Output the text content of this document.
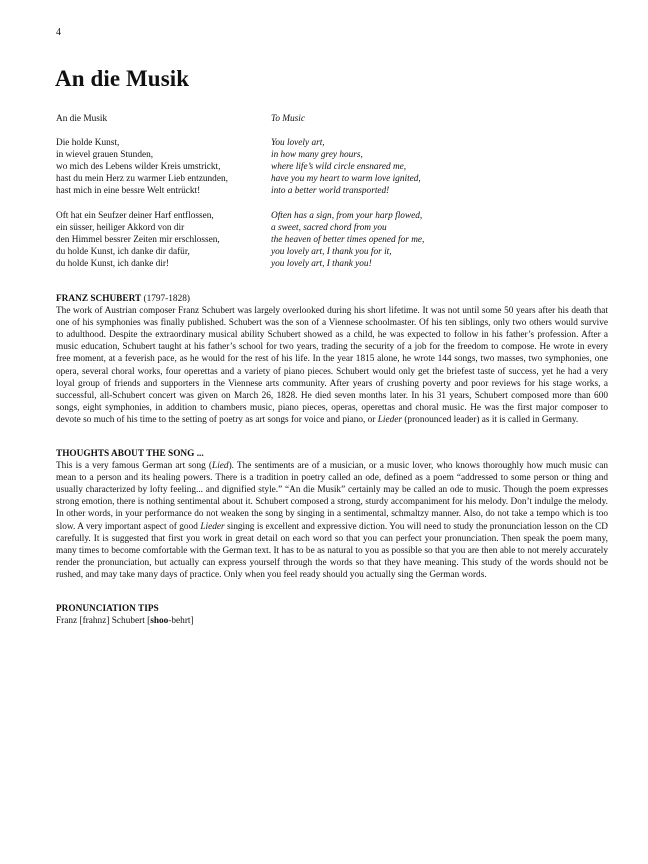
4
An die Musik
An die Musik
Die holde Kunst,
in wievel grauen Stunden,
wo mich des Lebens wilder Kreis umstrickt,
hast du mein Herz zu warmer Lieb entzunden,
hast mich in eine bessre Welt entrückt!
Oft hat ein Seufzer deiner Harf entflossen,
ein süsser, heiliger Akkord von dir
den Himmel bessrer Zeiten mir erschlossen,
du holde Kunst, ich danke dir dafür,
du holde Kunst, ich danke dir!
To Music
You lovely art,
in how many grey hours,
where life’s wild circle ensnared me,
have you my heart to warm love ignited,
into a better world transported!
Often has a sign, from your harp flowed,
a sweet, sacred chord from you
the heaven of better times opened for me,
you lovely art, I thank you for it,
you lovely art, I thank you!
FRANZ SCHUBERT (1797-1828)

The work of Austrian composer Franz Schubert was largely overlooked during his short lifetime. It was not until some 50 years after his death that one of his symphonies was finally published. Schubert was the son of a Viennese schoolmaster. Of his ten siblings, only two others would survive to adulthood. Despite the extraordinary musical ability Schubert showed as a child, he was expected to follow in his father’s profession. After a music education, Schubert taught at his father’s school for two years, trading the security of a job for the freedom to compose. He wrote in every free moment, at a feverish pace, as he would for the rest of his life. In the year 1815 alone, he wrote 144 songs, two masses, two symphonies, one opera, several choral works, four operettas and a variety of piano pieces. Schubert would only get the briefest taste of success, yet he had a very loyal group of friends and supporters in the Viennese arts community. After years of crushing poverty and poor reviews for his stage works, a successful, all-Schubert concert was given on March 26, 1828. He died seven months later. In his 31 years, Schubert composed more than 600 songs, eight symphonies, in addition to chambers music, piano pieces, operas, operettas and choral music. He was the first major composer to devote so much of his time to the setting of poetry as art songs for voice and piano, or Lieder (pronounced leader) as it is called in Germany.

THOUGHTS ABOUT THE SONG ...

This is a very famous German art song (Lied). The sentiments are of a musician, or a music lover, who knows thoroughly how much music can mean to a person and its healing powers. There is a tradition in poetry called an ode, defined as a poem “addressed to some person or thing and usually characterized by lofty feeling... and dignified style.” “An die Musik” certainly may be called an ode to music. Though the poem expresses strong emotion, there is nothing sentimental about it. Schubert composed a strong, sturdy accompaniment for his melody. Don’t indulge the melody. In other words, in your performance do not weaken the song by singing in a sentimental, schmaltzy manner. Also, do not take a tempo which is too slow. A very important aspect of good Lieder singing is excellent and expressive diction. You will need to study the pronunciation lesson on the CD carefully. It is suggested that first you work in great detail on each word so that you can perfect your pronunciation. Then speak the poem many, many times to become comfortable with the German text. It has to be as natural to you as possible so that you are then able to not merely accurately render the pronunciation, but actually can express yourself through the words so that they have meaning. This study of the words should not be rushed, and may take many days of practice. Only when you feel ready should you actually sing the German words.

PRONUNCIATION TIPS
Franz [frahnz] Schubert [shoo-behrt]
